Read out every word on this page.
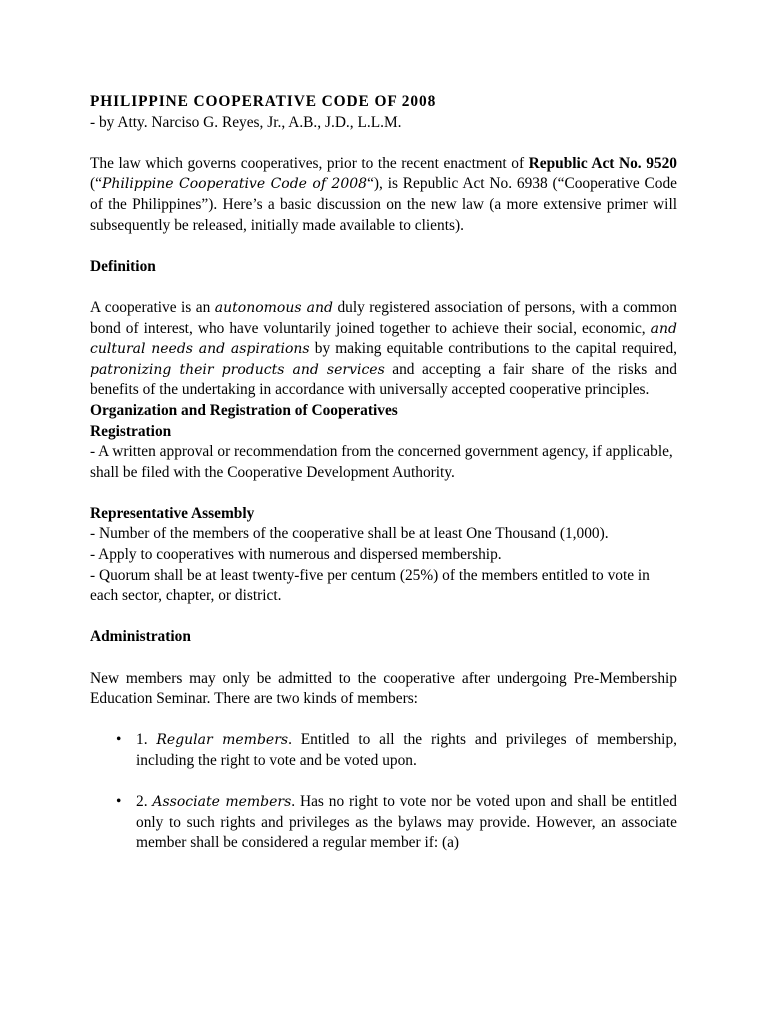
PHILIPPINE COOPERATIVE CODE OF 2008

- by Atty. Narciso G. Reyes, Jr., A.B., J.D., L.L.M.

The law which governs cooperatives, prior to the recent enactment of Republic Act No. 9520 (“Philippine Cooperative Code of 2008“), is Republic Act No. 6938 (“Cooperative Code of the Philippines”). Here’s a basic discussion on the new law (a more extensive primer will subsequently be released, initially made available to clients).

Definition

A cooperative is an autonomous and duly registered association of persons, with a common bond of interest, who have voluntarily joined together to achieve their social, economic, and cultural needs and aspirations by making equitable contributions to the capital required, patronizing their products and services and accepting a fair share of the risks and benefits of the undertaking in accordance with universally accepted cooperative principles.

Organization and Registration of Cooperatives

Registration

- A written approval or recommendation from the concerned government agency, if applicable, shall be filed with the Cooperative Development Authority.

Representative Assembly

- Number of the members of the cooperative shall be at least One Thousand (1,000).

- Apply to cooperatives with numerous and dispersed membership.

- Quorum shall be at least twenty-five per centum (25%) of the members entitled to vote in each sector, chapter, or district.

Administration

New members may only be admitted to the cooperative after undergoing Pre-Membership Education Seminar. There are two kinds of members:

• 1. Regular members. Entitled to all the rights and privileges of membership, including the right to vote and be voted upon.
• 2. Associate members. Has no right to vote nor be voted upon and shall be entitled only to such rights and privileges as the bylaws may provide. However, an associate member shall be considered a regular member if: (a)
